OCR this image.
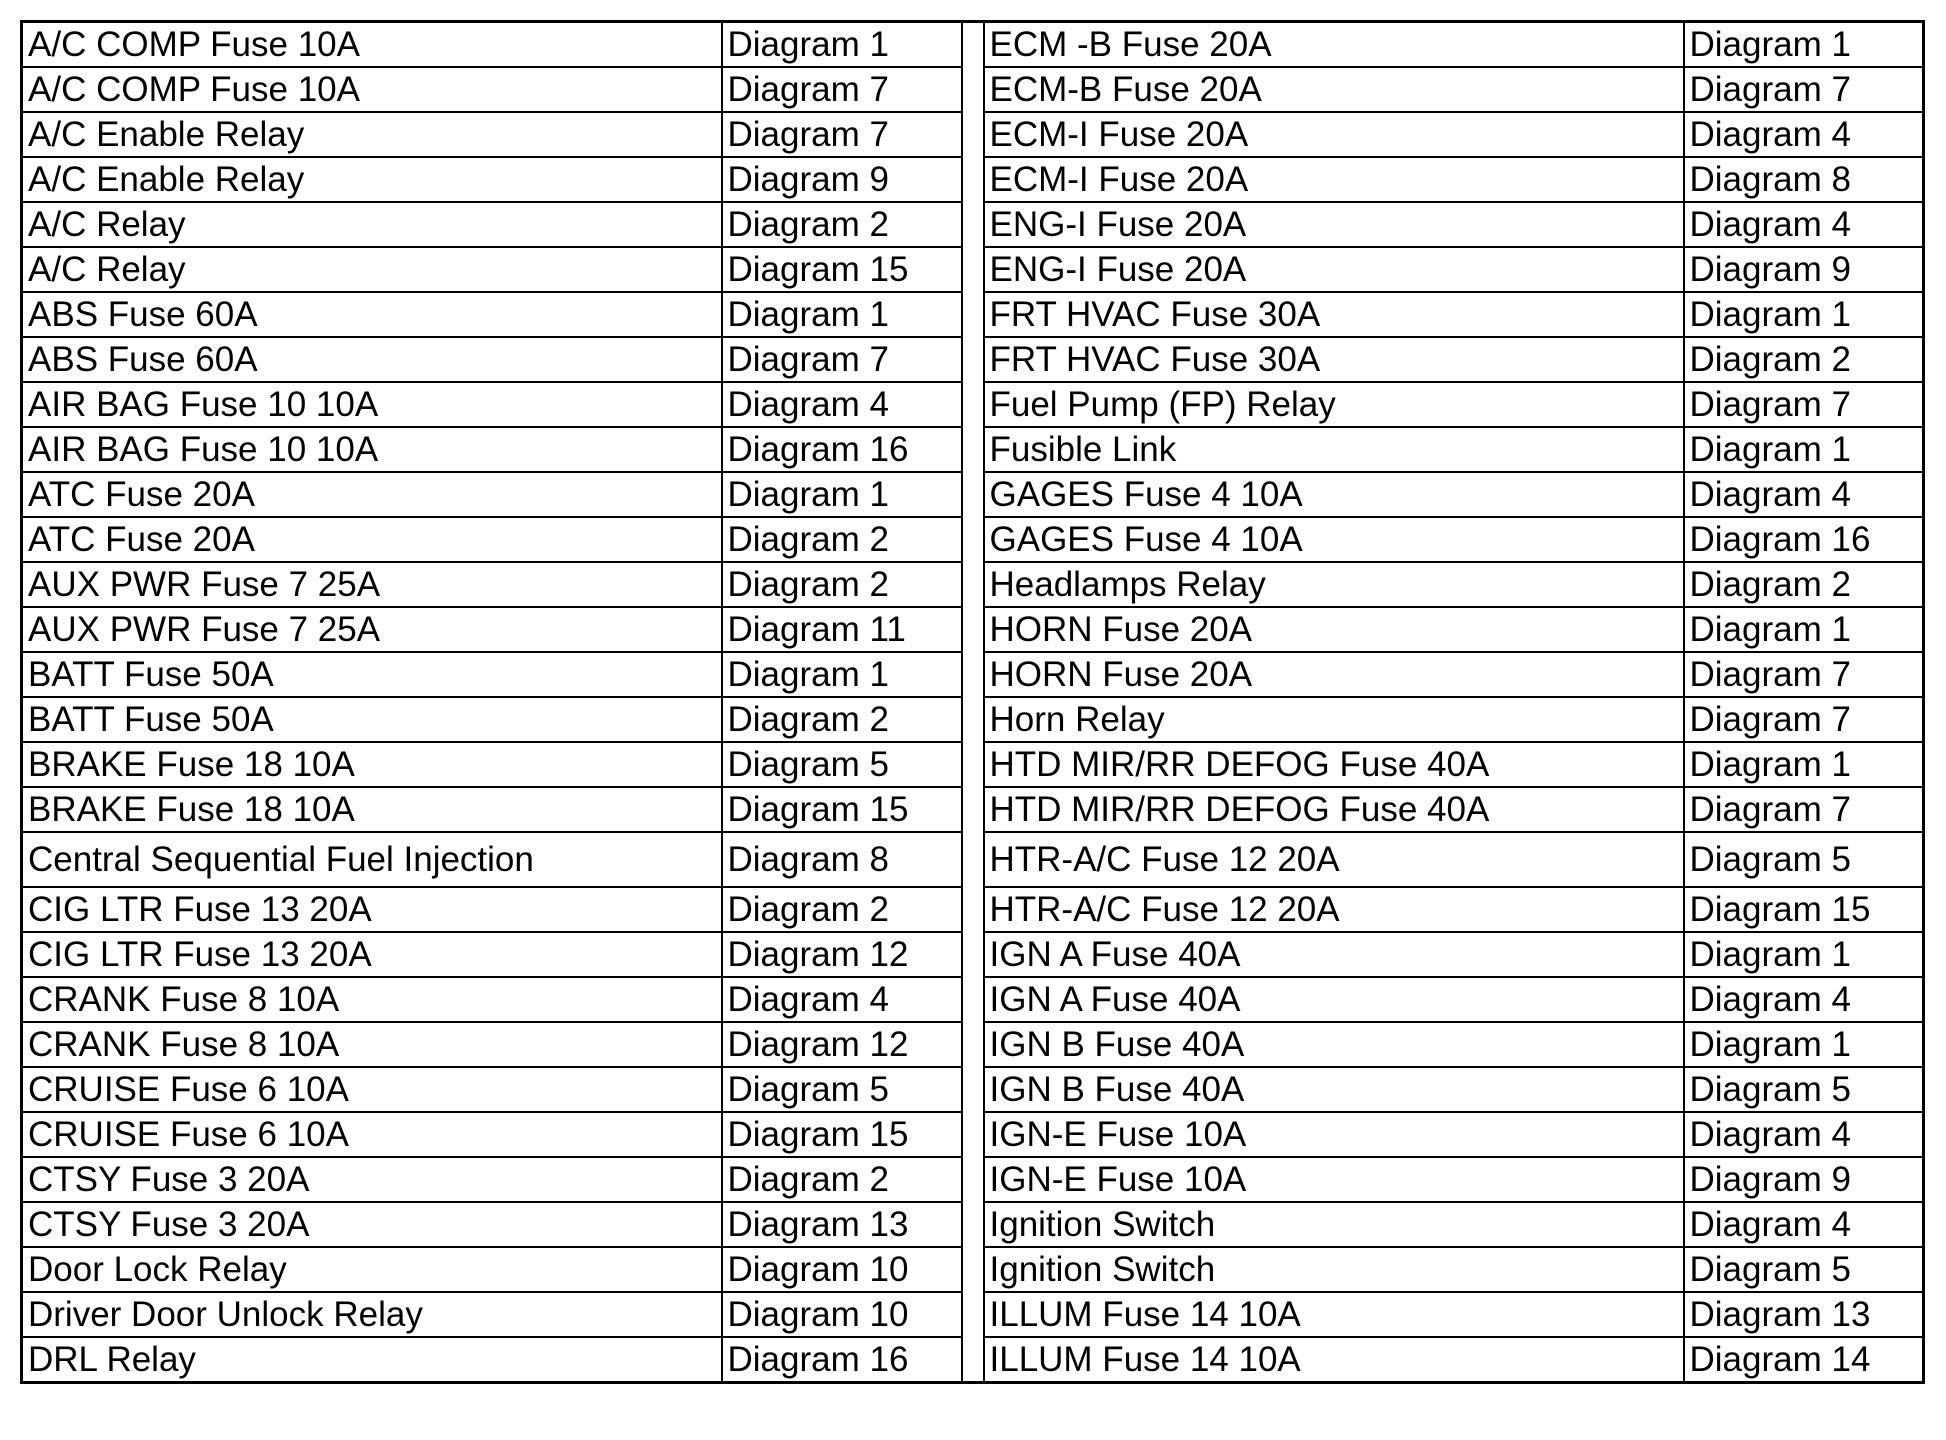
A/C COMP Fuse 10A	Diagram 1		ECM -B Fuse 20A	Diagram 1
A/C COMP Fuse 10A	Diagram 7		ECM-B Fuse 20A	Diagram 7
A/C Enable Relay	Diagram 7		ECM-I Fuse 20A	Diagram 4
A/C Enable Relay	Diagram 9		ECM-I Fuse 20A	Diagram 8
A/C Relay	Diagram 2		ENG-I Fuse 20A	Diagram 4
A/C Relay	Diagram 15		ENG-I Fuse 20A	Diagram 9
ABS Fuse 60A	Diagram 1		FRT HVAC Fuse 30A	Diagram 1
ABS Fuse 60A	Diagram 7		FRT HVAC Fuse 30A	Diagram 2
AIR BAG Fuse 10 10A	Diagram 4		Fuel Pump (FP) Relay	Diagram 7
AIR BAG Fuse 10 10A	Diagram 16		Fusible Link	Diagram 1
ATC Fuse 20A	Diagram 1		GAGES Fuse 4 10A	Diagram 4
ATC Fuse 20A	Diagram 2		GAGES Fuse 4 10A	Diagram 16
AUX PWR Fuse 7 25A	Diagram 2		Headlamps Relay	Diagram 2
AUX PWR Fuse 7 25A	Diagram 11		HORN Fuse 20A	Diagram 1
BATT Fuse 50A	Diagram 1		HORN Fuse 20A	Diagram 7
BATT Fuse 50A	Diagram 2		Horn Relay	Diagram 7
BRAKE Fuse 18 10A	Diagram 5		HTD MIR/RR DEFOG Fuse 40A	Diagram 1
BRAKE Fuse 18 10A	Diagram 15		HTD MIR/RR DEFOG Fuse 40A	Diagram 7
Central Sequential Fuel Injection	Diagram 8		HTR-A/C Fuse 12 20A	Diagram 5
CIG LTR Fuse 13 20A	Diagram 2		HTR-A/C Fuse 12 20A	Diagram 15
CIG LTR Fuse 13 20A	Diagram 12		IGN A Fuse 40A	Diagram 1
CRANK Fuse 8 10A	Diagram 4		IGN A Fuse 40A	Diagram 4
CRANK Fuse 8 10A	Diagram 12		IGN B Fuse 40A	Diagram 1
CRUISE Fuse 6 10A	Diagram 5		IGN B Fuse 40A	Diagram 5
CRUISE Fuse 6 10A	Diagram 15		IGN-E Fuse 10A	Diagram 4
CTSY Fuse 3 20A	Diagram 2		IGN-E Fuse 10A	Diagram 9
CTSY Fuse 3 20A	Diagram 13		Ignition Switch	Diagram 4
Door Lock Relay	Diagram 10		Ignition Switch	Diagram 5
Driver Door Unlock Relay	Diagram 10		ILLUM Fuse 14 10A	Diagram 13
DRL Relay	Diagram 16		ILLUM Fuse 14 10A	Diagram 14
